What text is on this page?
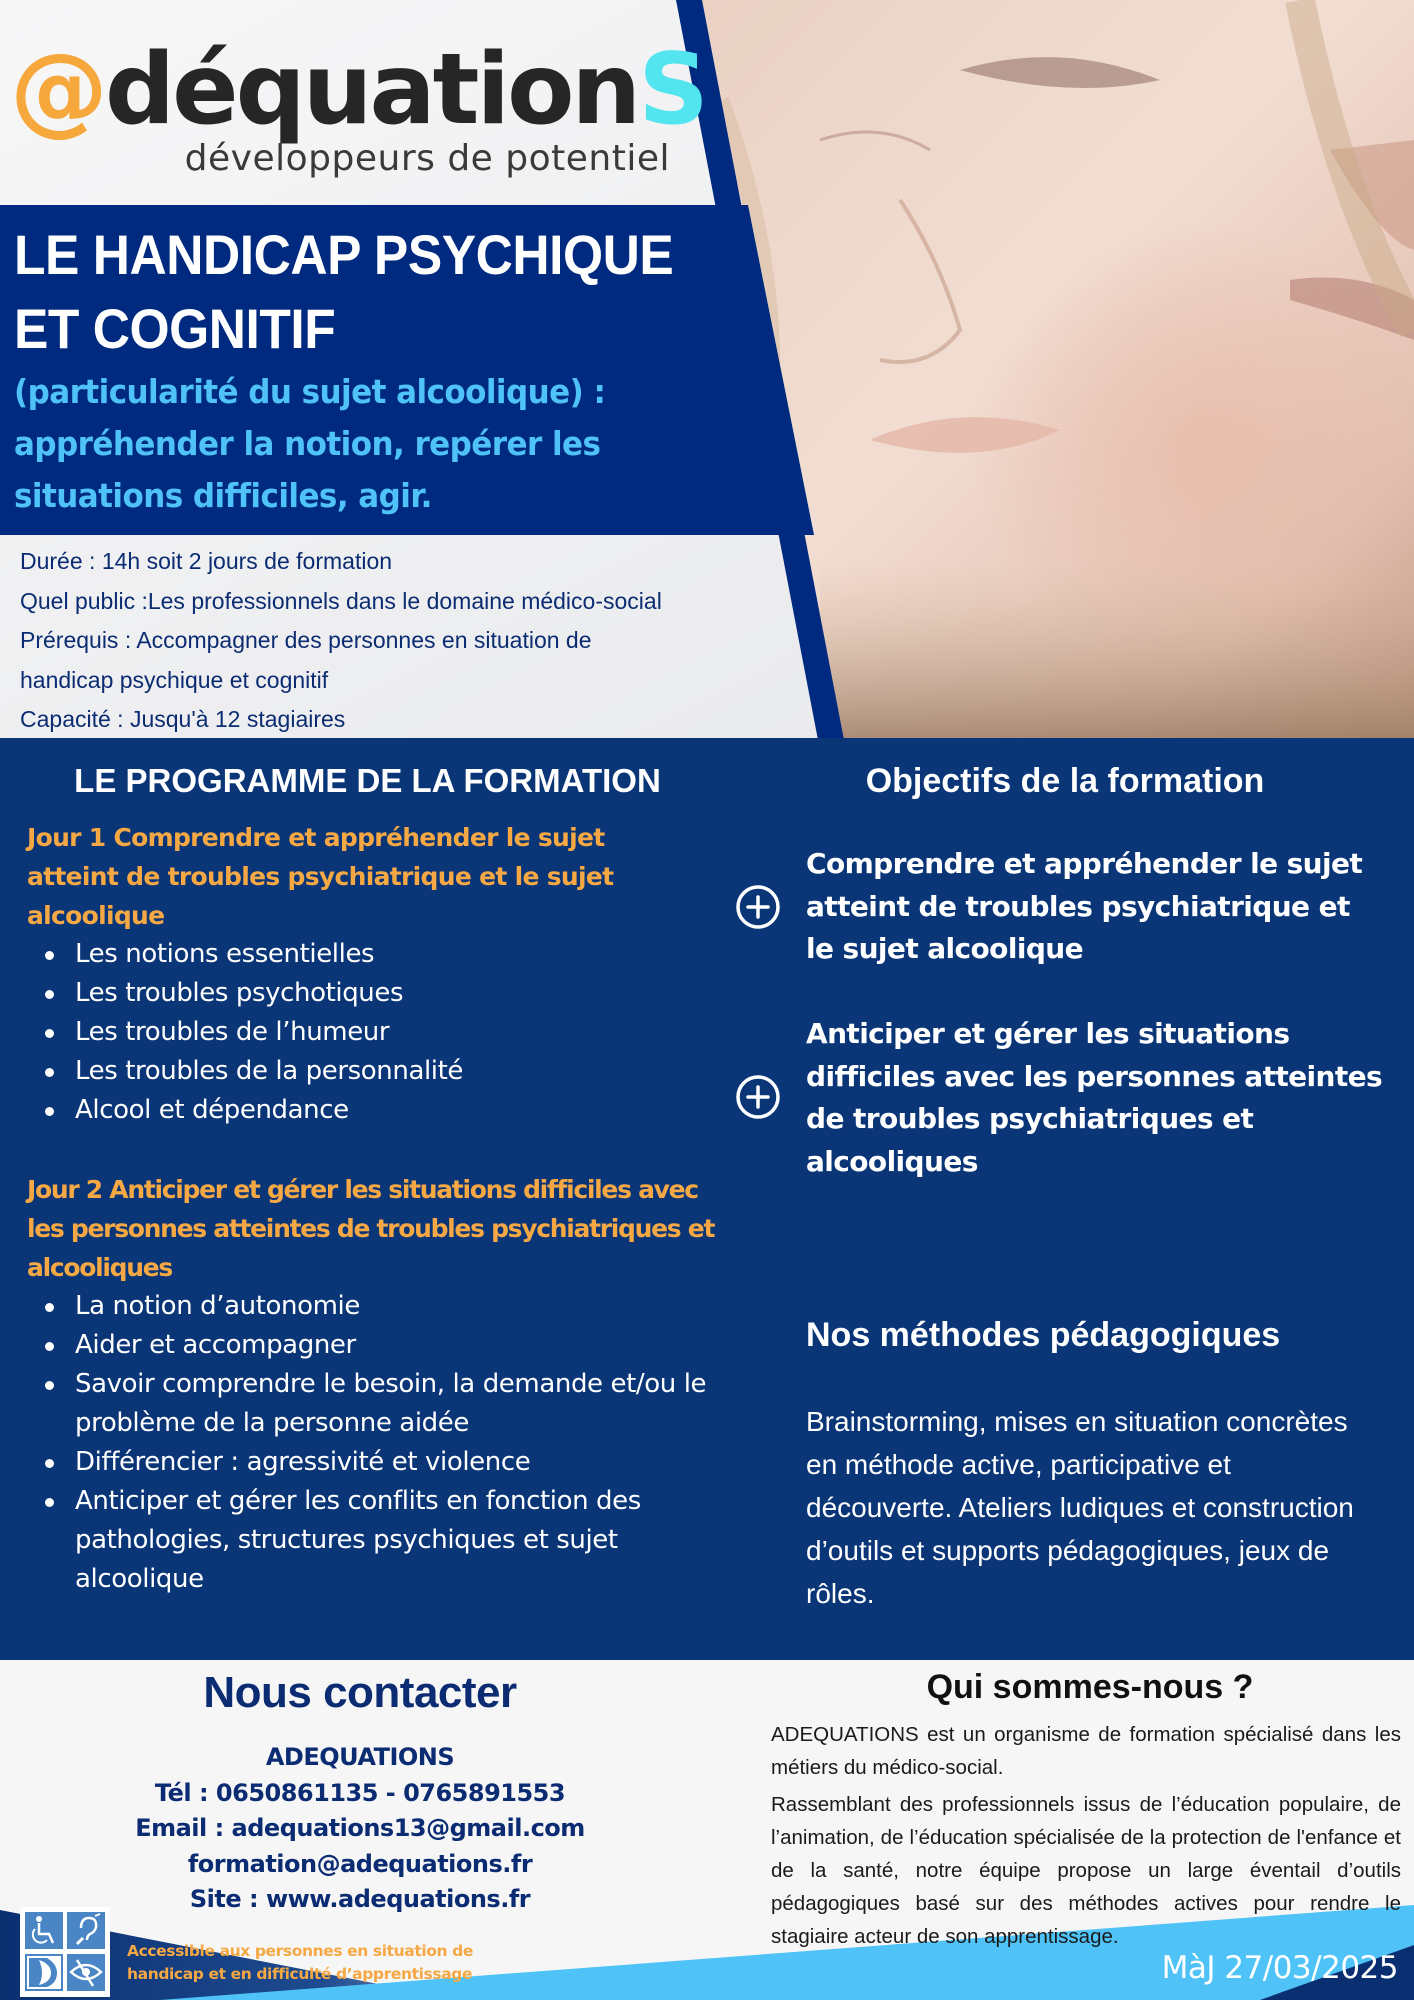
@déquationS
développeurs de potentiel
LE HANDICAP PSYCHIQUE
ET COGNITIF
(particularité du sujet alcoolique) :
appréhender la notion, repérer les
situations difficiles, agir.
Durée : 14h soit 2 jours de formation
Quel public :Les professionnels dans le domaine médico-social
Prérequis : Accompagner des personnes en situation de
handicap psychique et cognitif
Capacité : Jusqu'à 12 stagiaires
LE PROGRAMME DE LA FORMATION
Jour 1 Comprendre et appréhender le sujet
atteint de troubles psychiatrique et le sujet
alcoolique
Les notions essentielles
Les troubles psychotiques
Les troubles de l’humeur
Les troubles de la personnalité
Alcool et dépendance
Jour 2 Anticiper et gérer les situations difficiles avec
les personnes atteintes de troubles psychiatriques et
alcooliques
La notion d’autonomie
Aider et accompagner
Savoir comprendre le besoin, la demande et/ou le problème de la personne aidée
Différencier : agressivité et violence
Anticiper et gérer les conflits en fonction des pathologies, structures psychiques et sujet alcoolique
Objectifs de la formation
Comprendre et appréhender le sujet atteint de troubles psychiatrique et le sujet alcoolique
Anticiper et gérer les situations difficiles avec les personnes atteintes de troubles psychiatriques et alcooliques
Nos méthodes pédagogiques
Brainstorming, mises en situation concrètes en méthode active, participative et découverte. Ateliers ludiques et construction d’outils et supports pédagogiques, jeux de rôles.
Nous contacter
ADEQUATIONS
Tél : 0650861135 - 0765891553
Email : adequations13@gmail.com
formation@adequations.fr
Site : www.adequations.fr
Accessible aux personnes en situation de
handicap et en difficulté d’apprentissage
Qui sommes-nous ?

ADEQUATIONS est un organisme de formation spécialisé dans les métiers du médico-social.

Rassemblant des professionnels issus de l’éducation populaire, de l’animation, de l’éducation spécialisée de la protection de l'enfance et de la santé, notre équipe propose un large éventail d’outils pédagogiques basé sur des méthodes actives pour rendre le stagiaire acteur de son apprentissage.

MàJ 27/03/2025
